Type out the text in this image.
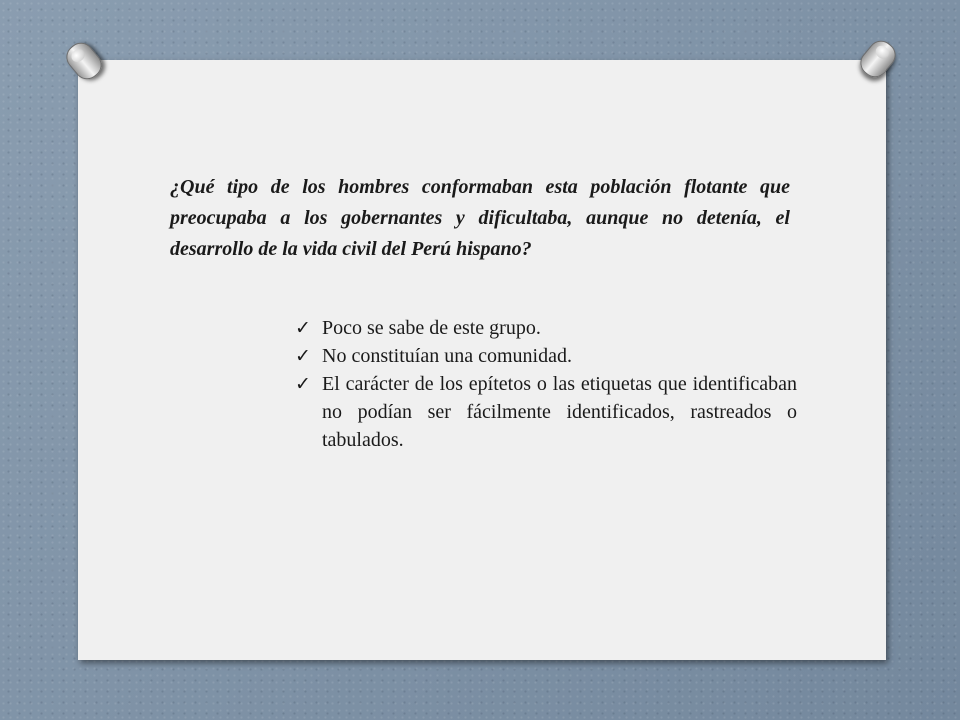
¿Qué tipo de los hombres conformaban esta población flotante que preocupaba a los gobernantes y dificultaba, aunque no detenía, el desarrollo de la vida civil del Perú hispano?

✓ Poco se sabe de este grupo.
✓ No constituían una comunidad.
✓ El carácter de los epítetos o las etiquetas que identificaban no podían ser fácilmente identificados, rastreados o tabulados.
